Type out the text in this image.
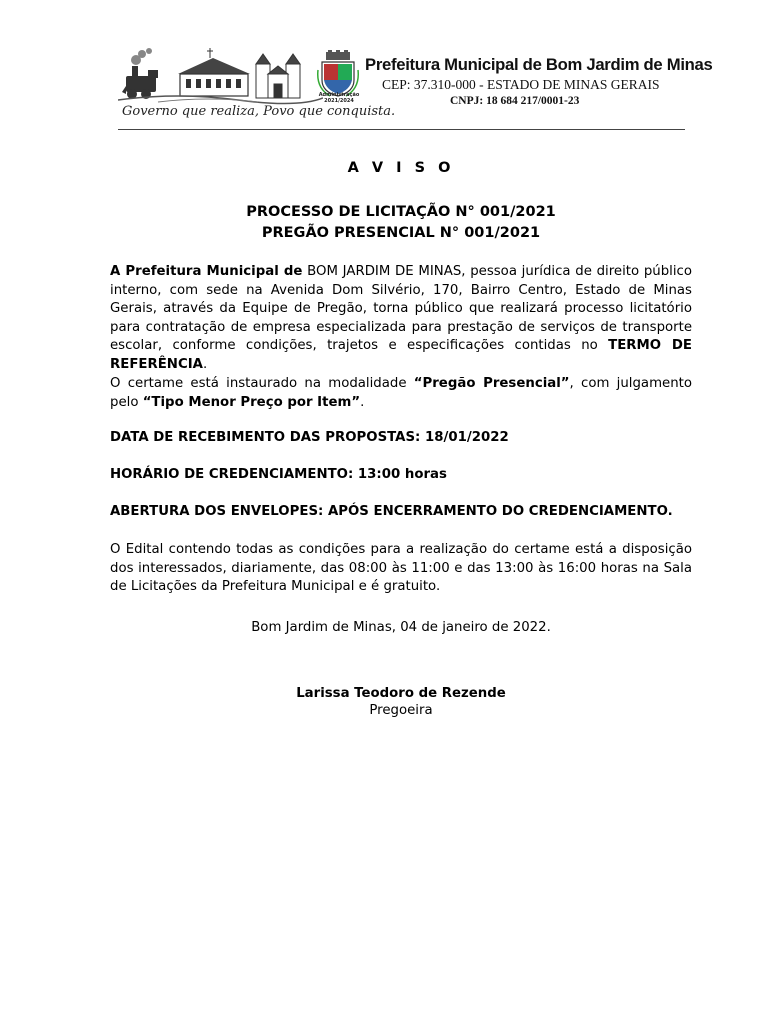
Governo que realiza, Povo que conquista.
Administração
2021/2024
Prefeitura Municipal de Bom Jardim de Minas
CEP: 37.310-000 - ESTADO DE MINAS GERAIS
CNPJ: 18 684 217/0001-23
A V I S O
PROCESSO DE LICITAÇÃO N° 001/2021
PREGÃO PRESENCIAL N° 001/2021
A Prefeitura Municipal de BOM JARDIM DE MINAS, pessoa jurídica de direito público interno, com sede na Avenida Dom Silvério, 170, Bairro Centro, Estado de Minas Gerais, através da Equipe de Pregão, torna público que realizará processo licitatório para contratação de empresa especializada para prestação de serviços de transporte escolar, conforme condições, trajetos e especificações contidas no TERMO DE REFERÊNCIA.
O certame está instaurado na modalidade “Pregão Presencial”, com julgamento pelo “Tipo Menor Preço por Item”.
DATA DE RECEBIMENTO DAS PROPOSTAS: 18/01/2022
HORÁRIO DE CREDENCIAMENTO: 13:00 horas
ABERTURA DOS ENVELOPES: APÓS ENCERRAMENTO DO CREDENCIAMENTO.
O Edital contendo todas as condições para a realização do certame está a disposição dos interessados, diariamente, das 08:00 às 11:00 e das 13:00 às 16:00 horas na Sala de Licitações da Prefeitura Municipal e é gratuito.
Bom Jardim de Minas, 04 de janeiro de 2022.
Larissa Teodoro de Rezende
Pregoeira
